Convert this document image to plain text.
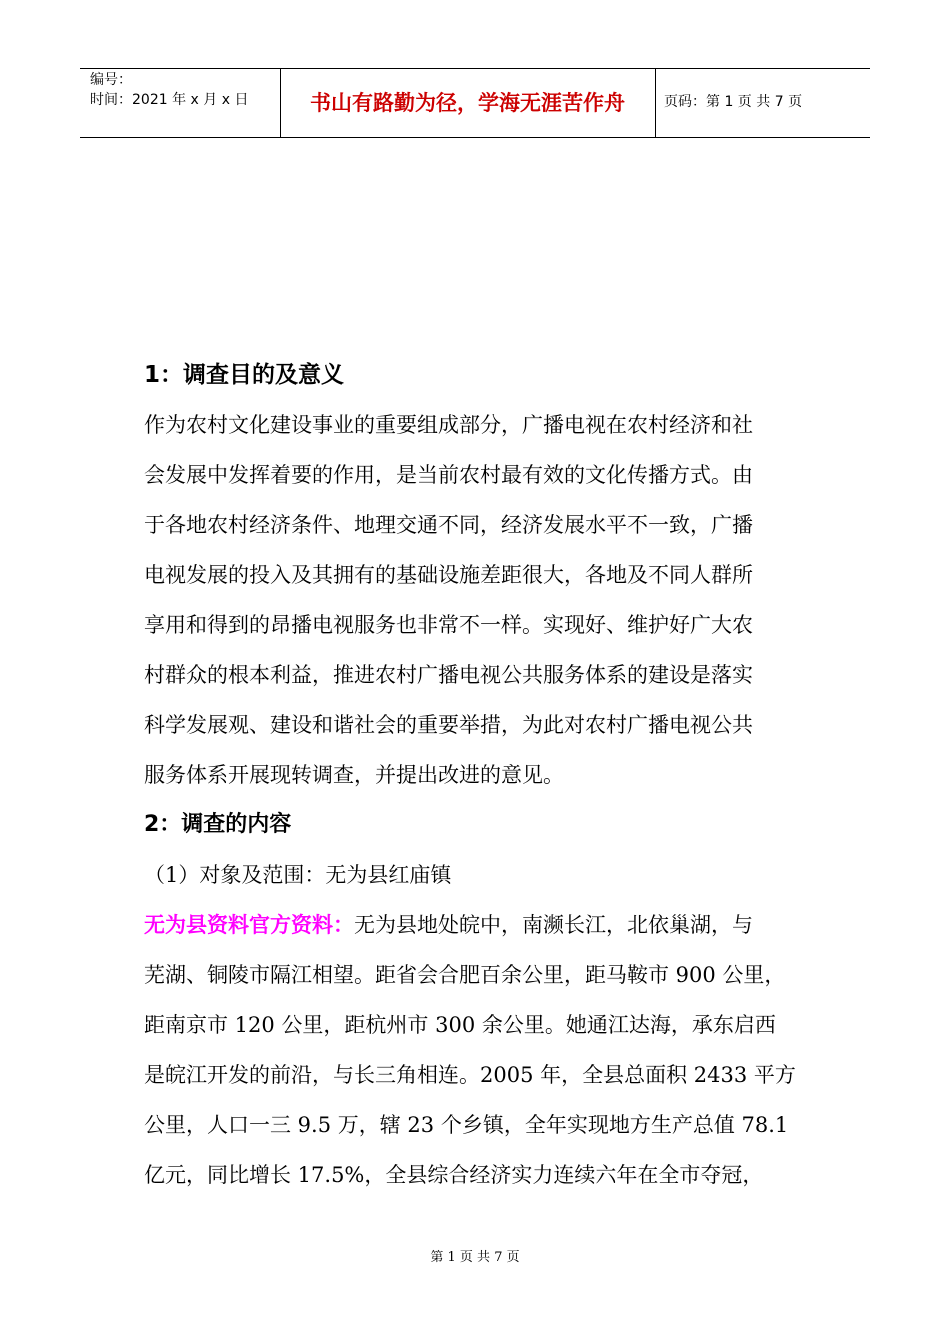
编号：
时间：2021 年 x 月 x 日	书山有路勤为径，学海无涯苦作舟	页码：第 1 页 共 7 页
1：调查目的及意义
作为农村文化建设事业的重要组成部分，广播电视在农村经济和社
会发展中发挥着要的作用，是当前农村最有效的文化传播方式。由
于各地农村经济条件、地理交通不同，经济发展水平不一致，广播
电视发展的投入及其拥有的基础设施差距很大，各地及不同人群所
享用和得到的昂播电视服务也非常不一样。实现好、维护好广大农
村群众的根本利益，推进农村广播电视公共服务体系的建设是落实
科学发展观、建设和谐社会的重要举措，为此对农村广播电视公共
服务体系开展现转调查，并提出改进的意见。
2：调查的内容
（1）对象及范围：无为县红庙镇
无为县资料官方资料：无为县地处皖中，南濒长江，北依巢湖，与
芜湖、铜陵市隔江相望。距省会合肥百余公里，距马鞍市 900 公里，
距南京市 120 公里，距杭州市 300 余公里。她通江达海，承东启西
是皖江开发的前沿，与长三角相连。2005 年，全县总面积 2433 平方
公里，人口一三 9.5 万，辖 23 个乡镇，全年实现地方生产总值 78.1
亿元，同比增长 17.5%，全县综合经济实力连续六年在全市夺冠，
第 1 页 共 7 页
